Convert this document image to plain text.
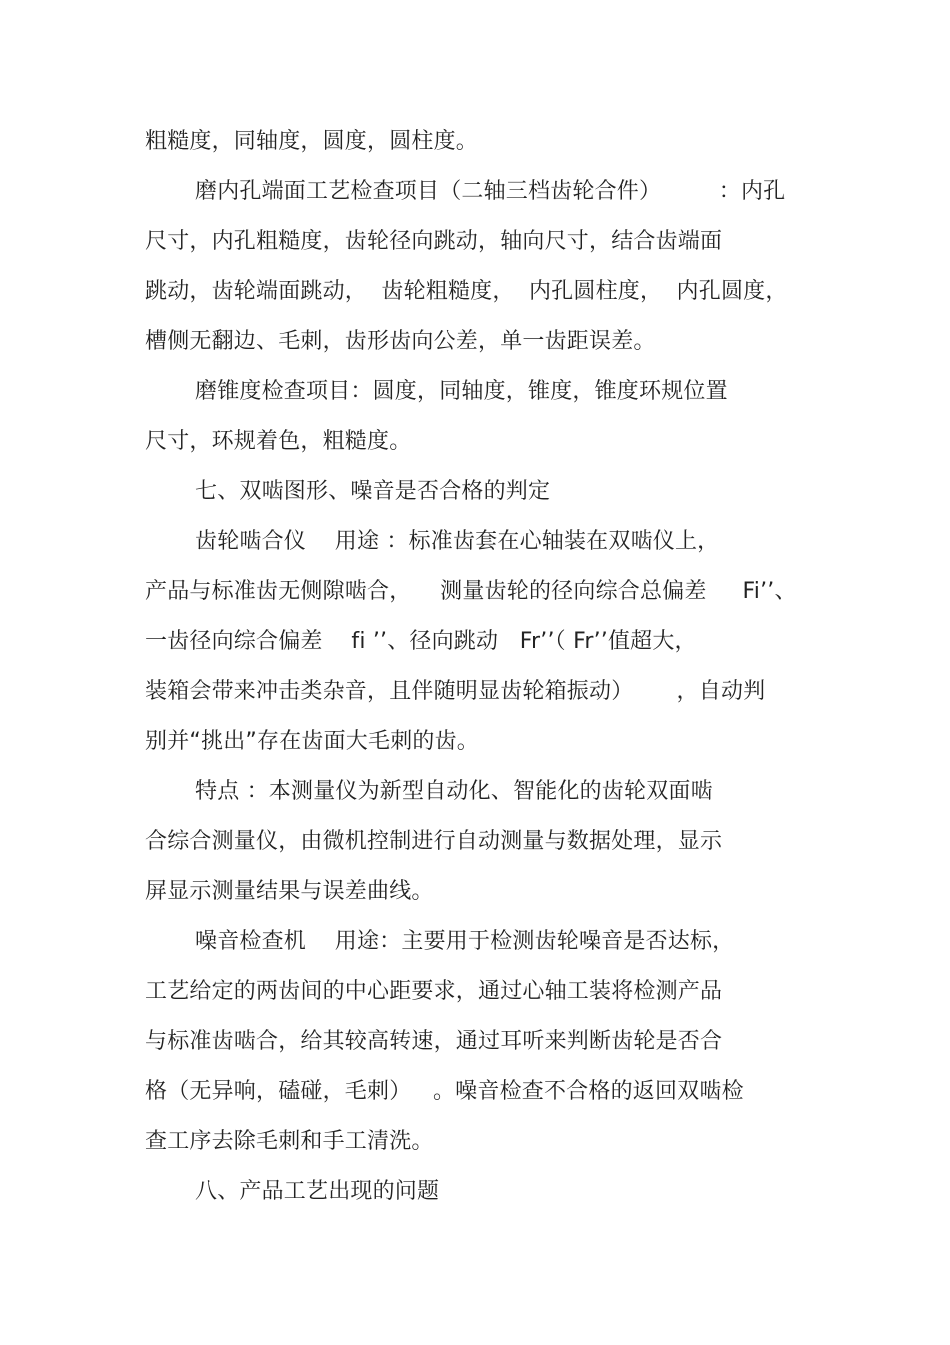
粗糙度，同轴度，圆度，圆柱度。
磨内孔端面工艺检查项目（二轴三档齿轮合件）        ：内孔
尺寸，内孔粗糙度，齿轮径向跳动，轴向尺寸，结合齿端面
跳动，齿轮端面跳动，  齿轮粗糙度，  内孔圆柱度，  内孔圆度，
槽侧无翻边、毛刺，齿形齿向公差，单一齿距误差。
磨锥度检查项目：圆度，同轴度，锥度，锥度环规位置
尺寸，环规着色，粗糙度。
七、双啮图形、噪音是否合格的判定
齿轮啮合仪    用途 ：标准齿套在心轴装在双啮仪上，
产品与标准齿无侧隙啮合，    测量齿轮的径向综合总偏差     Fi’’、
一齿径向综合偏差    fi ’’、径向跳动   Fr’’（ Fr’’值超大，
装箱会带来冲击类杂音，且伴随明显齿轮箱振动）      ，自动判
别并“挑出”存在齿面大毛刺的齿。
特点 ：本测量仪为新型自动化、智能化的齿轮双面啮
合综合测量仪，由微机控制进行自动测量与数据处理，显示
屏显示测量结果与误差曲线。
噪音检查机    用途：主要用于检测齿轮噪音是否达标，
工艺给定的两齿间的中心距要求，通过心轴工装将检测产品
与标准齿啮合，给其较高转速，通过耳听来判断齿轮是否合
格（无异响，磕碰，毛刺）   。噪音检查不合格的返回双啮检
查工序去除毛刺和手工清洗。
八、产品工艺出现的问题
